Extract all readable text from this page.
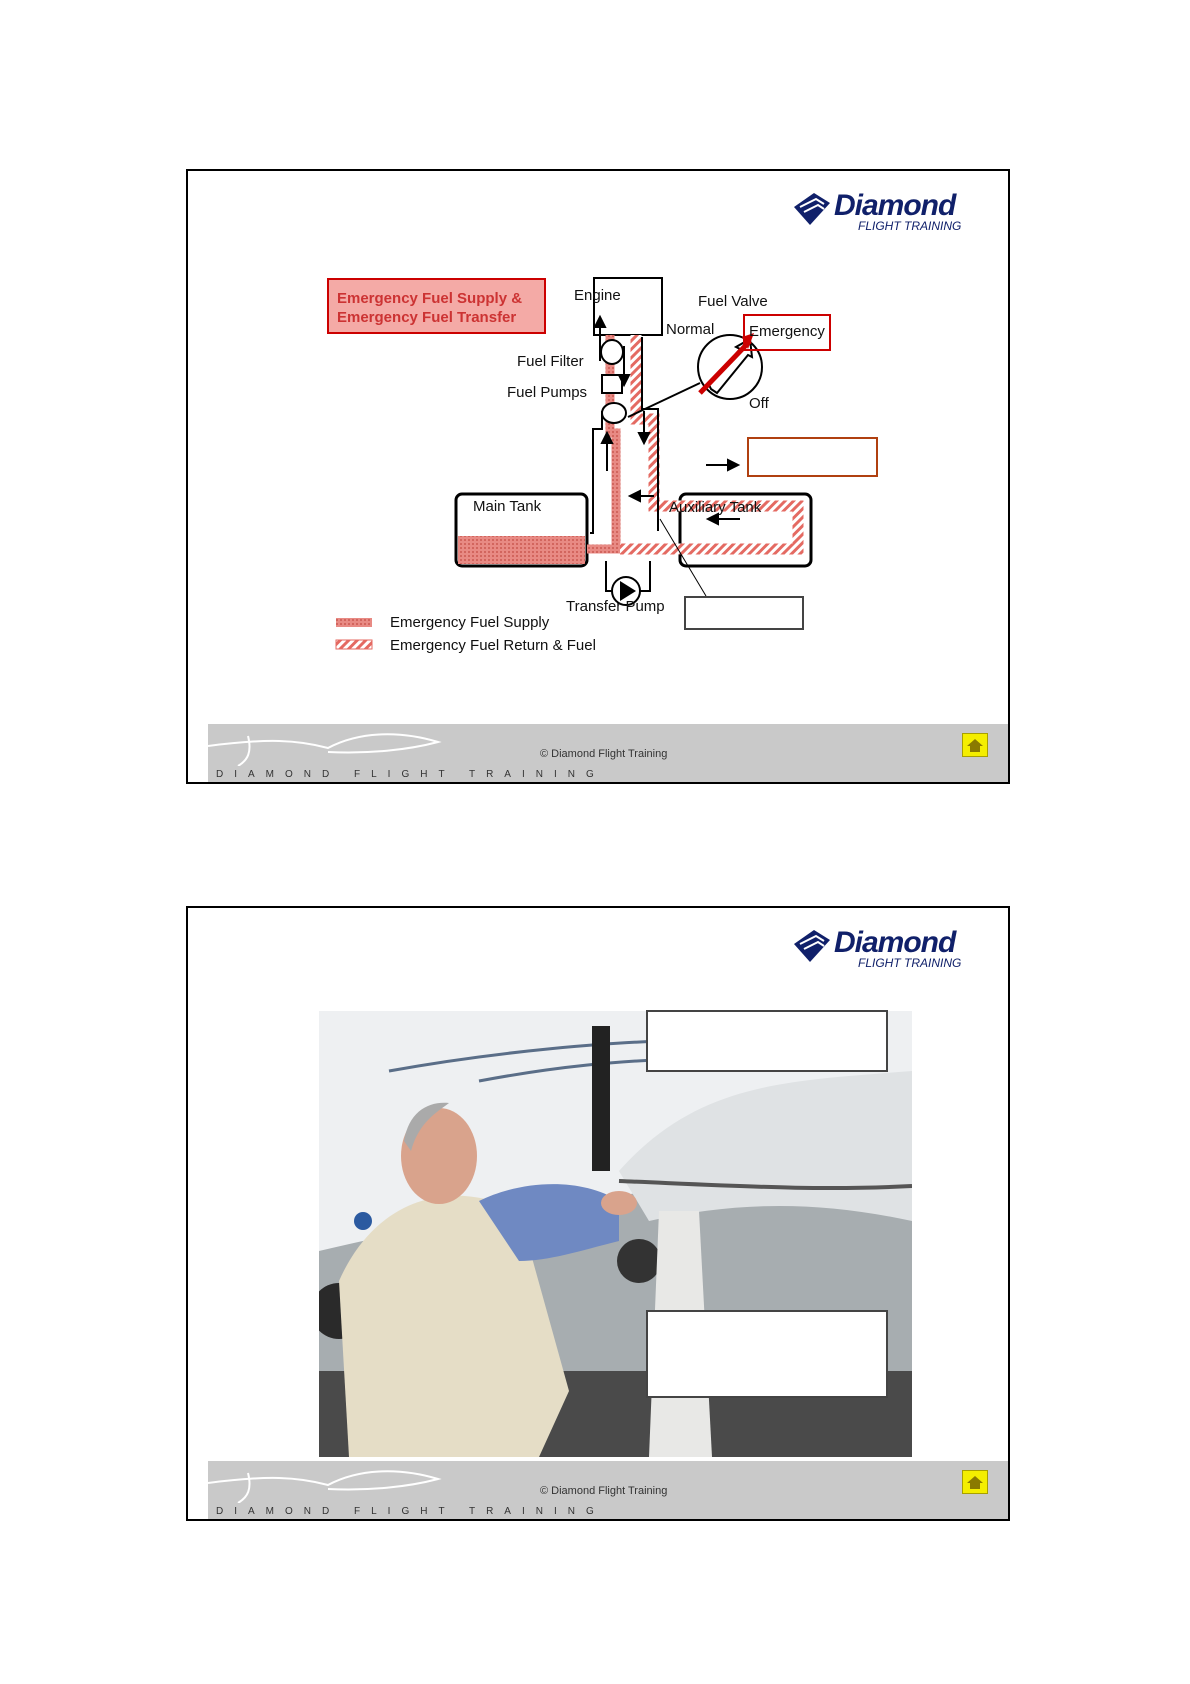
Diamond
FLIGHT TRAINING
Emergency Fuel Supply & Emergency Fuel Transfer
Engine	Fuel Valve
Normal Emergency
Off
Fuel Filter
Fuel Pumps
Main Tank	Auxiliary Tank
Transfer Pump
Emergency Fuel Supply
Emergency Fuel Return & Fuel
© Diamond Flight Training
DIAMOND FLIGHT TRAINING
Diamond
FLIGHT TRAINING
© Diamond Flight Training
DIAMOND FLIGHT TRAINING
